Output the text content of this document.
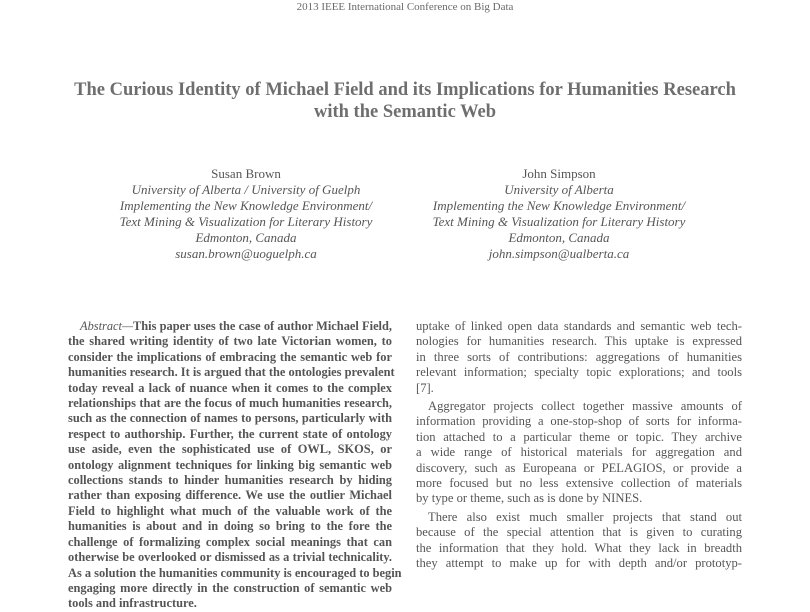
2013 IEEE International Conference on Big Data
The Curious Identity of Michael Field and its Implications for Humanities Research
with the Semantic Web
Susan Brown
University of Alberta / University of Guelph
Implementing the New Knowledge Environment/
Text Mining & Visualization for Literary History
Edmonton, Canada
susan.brown@uoguelph.ca
John Simpson
University of Alberta
Implementing the New Knowledge Environment/
Text Mining & Visualization for Literary History
Edmonton, Canada
john.simpson@ualberta.ca
Abstract—This paper uses the case of author Michael Field,
the shared writing identity of two late Victorian women, to
consider the implications of embracing the semantic web for
humanities research. It is argued that the ontologies prevalent
today reveal a lack of nuance when it comes to the complex
relationships that are the focus of much humanities research,
such as the connection of names to persons, particularly with
respect to authorship. Further, the current state of ontology
use aside, even the sophisticated use of OWL, SKOS, or
ontology alignment techniques for linking big semantic web
collections stands to hinder humanities research by hiding
rather than exposing difference. We use the outlier Michael
Field to highlight what much of the valuable work of the
humanities is about and in doing so bring to the fore the
challenge of formalizing complex social meanings that can
otherwise be overlooked or dismissed as a trivial technicality.
As a solution the humanities community is encouraged to begin
engaging more directly in the construction of semantic web
tools and infrastructure.
uptake of linked open data standards and semantic web tech-
nologies for humanities research. This uptake is expressed
in three sorts of contributions: aggregations of humanities
relevant information; specialty topic explorations; and tools
[7].
Aggregator projects collect together massive amounts of
information providing a one-stop-shop of sorts for informa-
tion attached to a particular theme or topic. They archive
a wide range of historical materials for aggregation and
discovery, such as Europeana or PELAGIOS, or provide a
more focused but no less extensive collection of materials
by type or theme, such as is done by NINES.
There also exist much smaller projects that stand out
because of the special attention that is given to curating
the information that they hold. What they lack in breadth
they attempt to make up for with depth and/or prototyp-
